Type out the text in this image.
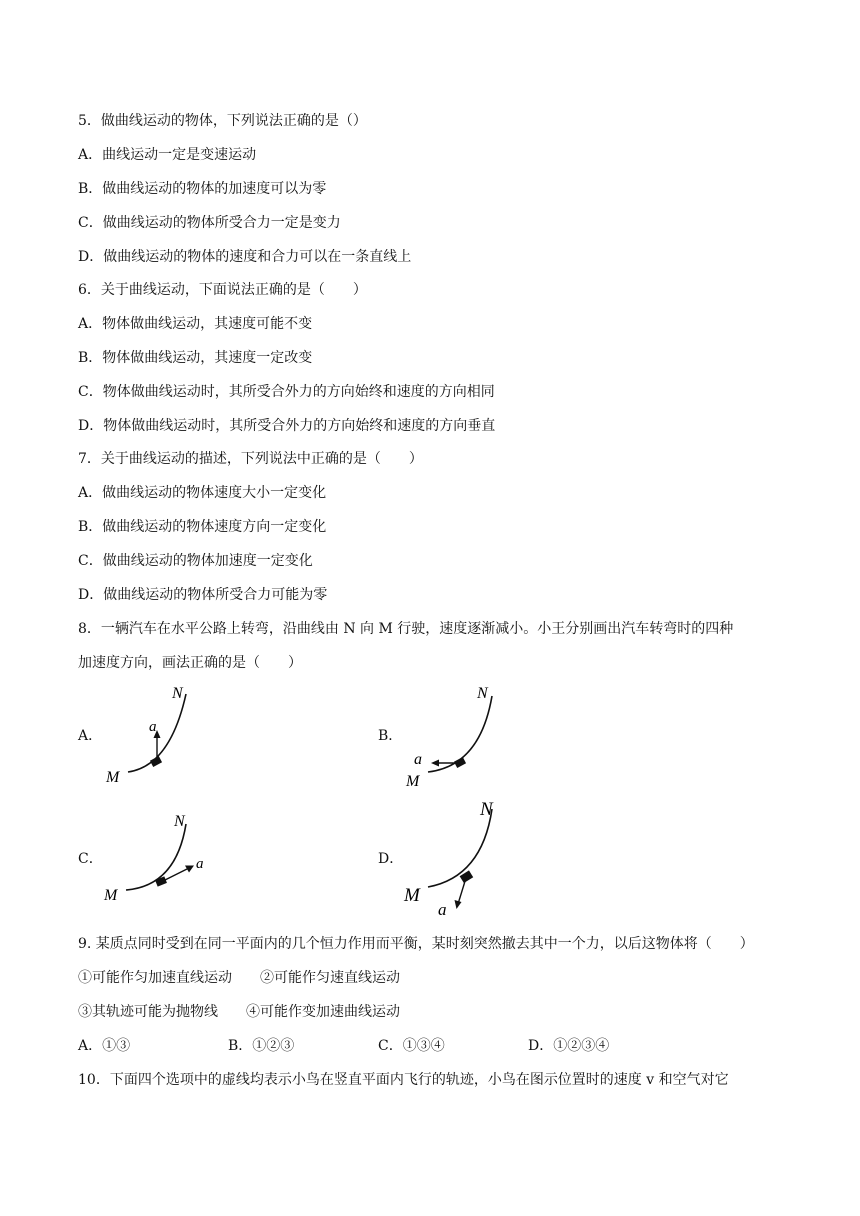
5．做曲线运动的物体，下列说法正确的是（）
A．曲线运动一定是变速运动
B．做曲线运动的物体的加速度可以为零
C．做曲线运动的物体所受合力一定是变力
D．做曲线运动的物体的速度和合力可以在一条直线上
6．关于曲线运动，下面说法正确的是（　　）
A．物体做曲线运动，其速度可能不变
B．物体做曲线运动，其速度一定改变
C．物体做曲线运动时，其所受合外力的方向始终和速度的方向相同
D．物体做曲线运动时，其所受合外力的方向始终和速度的方向垂直
7．关于曲线运动的描述，下列说法中正确的是（　　）
A．做曲线运动的物体速度大小一定变化
B．做曲线运动的物体速度方向一定变化
C．做曲线运动的物体加速度一定变化
D．做曲线运动的物体所受合力可能为零
8．一辆汽车在水平公路上转弯，沿曲线由 N 向 M 行驶，速度逐渐减小。小王分别画出汽车转弯时的四种
加速度方向，画法正确的是（　　）
A．	B．
C．	D．
N
a
M
N
a
M
N
a
M
N
a
M
9. 某质点同时受到在同一平面内的几个恒力作用而平衡，某时刻突然撤去其中一个力，以后这物体将（　　）
①可能作匀加速直线运动　　②可能作匀速直线运动
③其轨迹可能为抛物线　　④可能作变加速曲线运动
A．①③	B．①②③	C．①③④	D．①②③④
10．下面四个选项中的虚线均表示小鸟在竖直平面内飞行的轨迹，小鸟在图示位置时的速度 v 和空气对它
